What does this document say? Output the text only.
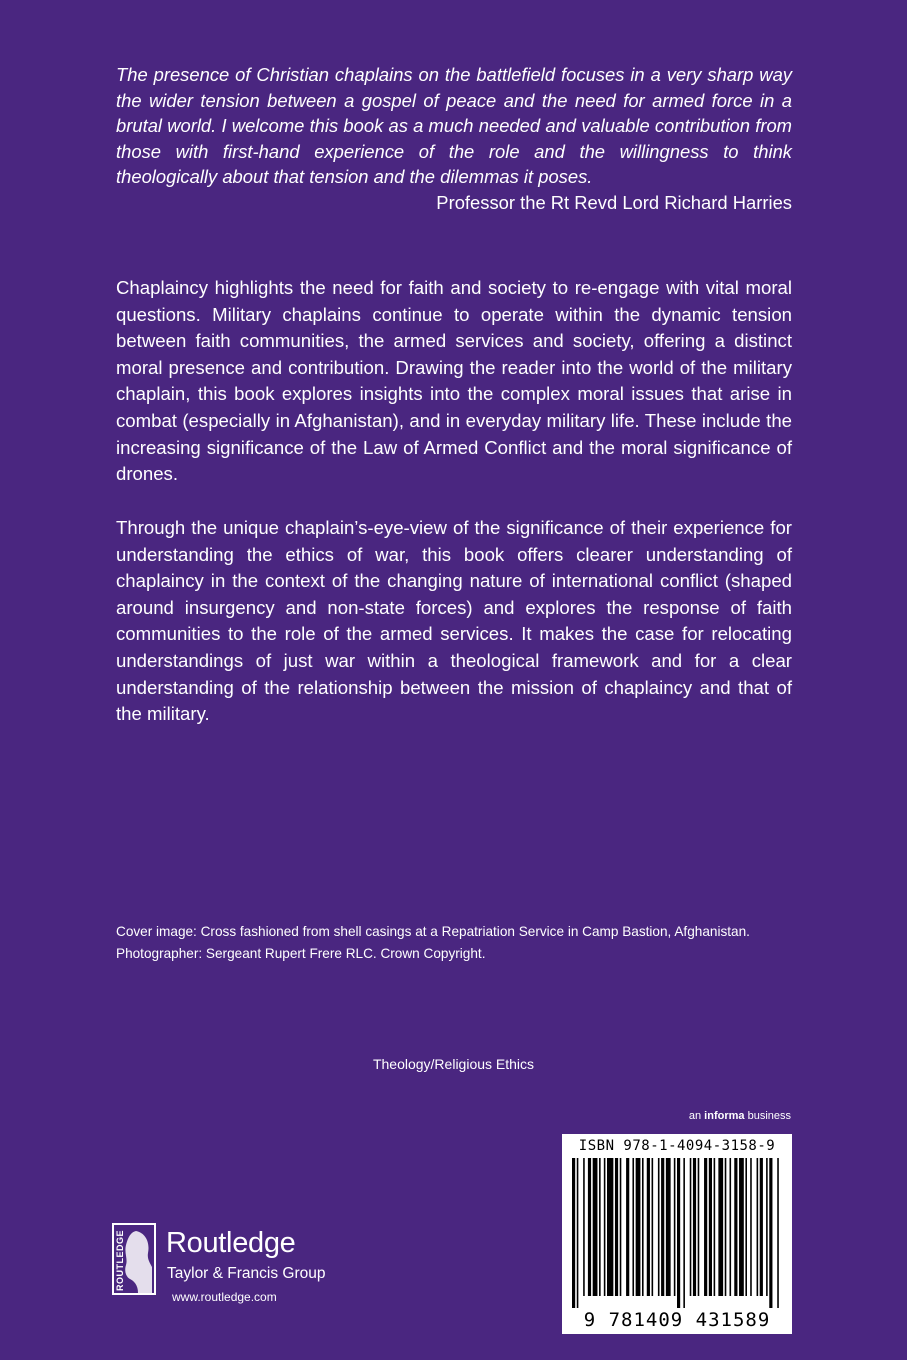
The presence of Christian chaplains on the battlefield focuses in a very sharp way the wider tension between a gospel of peace and the need for armed force in a brutal world. I welcome this book as a much needed and valuable contribution from those with first-hand experience of the role and the willingness to think theologically about that tension and the dilemmas it poses.

Professor the Rt Revd Lord Richard Harries

Chaplaincy highlights the need for faith and society to re-engage with vital moral questions. Military chaplains continue to operate within the dynamic tension between faith communities, the armed services and society, offering a distinct moral presence and contribution. Drawing the reader into the world of the military chaplain, this book explores insights into the complex moral issues that arise in combat (especially in Afghanistan), and in everyday military life. These include the increasing significance of the Law of Armed Conflict and the moral significance of drones.

Through the unique chaplain’s-eye-view of the significance of their experience for understanding the ethics of war, this book offers clearer understanding of chaplaincy in the context of the changing nature of international conflict (shaped around insurgency and non-state forces) and explores the response of faith communities to the role of the armed services. It makes the case for relocating understandings of just war within a theological framework and for a clear understanding of the relationship between the mission of chaplaincy and that of the military.

Cover image: Cross fashioned from shell casings at a Repatriation Service in Camp Bastion, Afghanistan. Photographer: Sergeant Rupert Frere RLC. Crown Copyright.

Theology/Religious Ethics

an informa business

ISBN 978-1-4094-3158-9
9 781409 431589
ROUTLEDGE Routledge

Taylor & Francis Group

www.routledge.com
